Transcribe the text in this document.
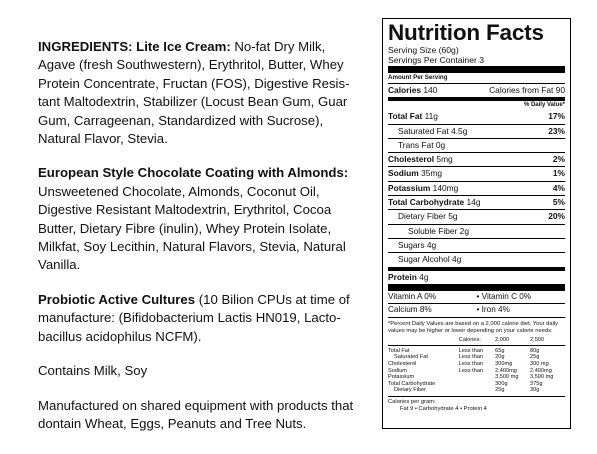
INGREDIENTS: Lite Ice Cream: No-fat Dry Milk, Agave (fresh Southwestern), Erythritol, Butter, Whey Protein Concentrate, Fructan (FOS), Digestive Resis-tant Maltodextrin, Stabilizer (Locust Bean Gum, Guar Gum, Carrageenan, Standardized with Sucrose), Natural Flavor, Stevia.

European Style Chocolate Coating with Almonds: Unsweetened Chocolate, Almonds, Coconut Oil, Digestive Resistant Maltodextrin, Erythritol, Cocoa Butter, Dietary Fibre (inulin), Whey Protein Isolate, Milkfat, Soy Lecithin, Natural Flavors, Stevia, Natural Vanilla.

Probiotic Active Cultures (10 Bilion CPUs at time of manufacture: (Bifidobacterium Lactis HN019, Lacto-bacillus acidophilus NCFM).

Contains Milk, Soy

Manufactured on shared equipment with products that dontain Wheat, Eggs, Peanuts and Tree Nuts.

Nutrition Facts
Serving Size (60g)
Servings Per Container 3
Amount Per Serving
Calories 140	Calories from Fat 90
% Daily Value*
Total Fat 11g	17%
Saturated Fat 4.5g	23%
Trans Fat 0g
Cholesterol 5mg	2%
Sodium 35mg	1%
Potassium 140mg	4%
Total Carbohydrate 14g	5%
Dietary Fiber 5g	20%
Soluble Fiber 2g
Sugars 4g
Sugar Alcohol 4g
Protein 4g
Vitamin A 0%	• Vitamin C 0%
Calcium 8%	• Iron 4%
*Percent Daily Values are based on a 2,000 calorie diet. Your daily values may be higher or lower depending on your calorie needs:
	Calories:	2,000	2,500
Total Fat	Less than	65g	80g
Saturated Fat	Less than	20g	25g
Cholesterol	Less than	300mg	300 mg
Sodium	Less than	2,400mg	2,400mg
Potassium		3,500 mg	3,500 mg
Total Carbohydrate		300g	375g
Dietary Fiber		25g	30g
Calories per gram:
Fat 9 • Carbohydrate 4 • Protein 4
